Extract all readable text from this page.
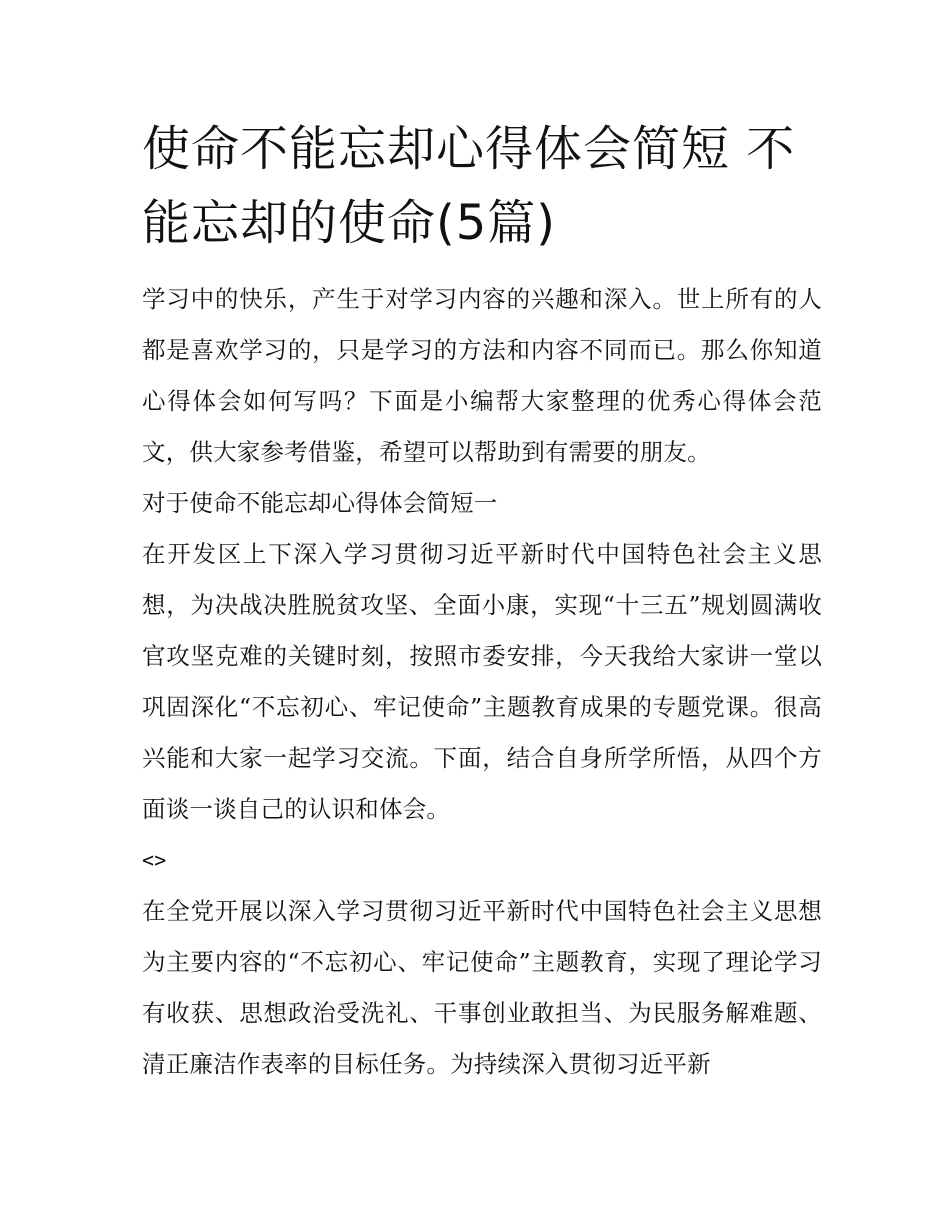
使命不能忘却心得体会简短 不能忘却的使命(5篇)

学习中的快乐，产生于对学习内容的兴趣和深入。世上所有的人都是喜欢学习的，只是学习的方法和内容不同而已。那么你知道心得体会如何写吗？下面是小编帮大家整理的优秀心得体会范文，供大家参考借鉴，希望可以帮助到有需要的朋友。

对于使命不能忘却心得体会简短一

在开发区上下深入学习贯彻习近平新时代中国特色社会主义思想，为决战决胜脱贫攻坚、全面小康，实现“十三五”规划圆满收官攻坚克难的关键时刻，按照市委安排，今天我给大家讲一堂以巩固深化“不忘初心、牢记使命”主题教育成果的专题党课。很高兴能和大家一起学习交流。下面，结合自身所学所悟，从四个方面谈一谈自己的认识和体会。

<>

在全党开展以深入学习贯彻习近平新时代中国特色社会主义思想为主要内容的“不忘初心、牢记使命”主题教育，实现了理论学习有收获、思想政治受洗礼、干事创业敢担当、为民服务解难题、清正廉洁作表率的目标任务。为持续深入贯彻习近平新
